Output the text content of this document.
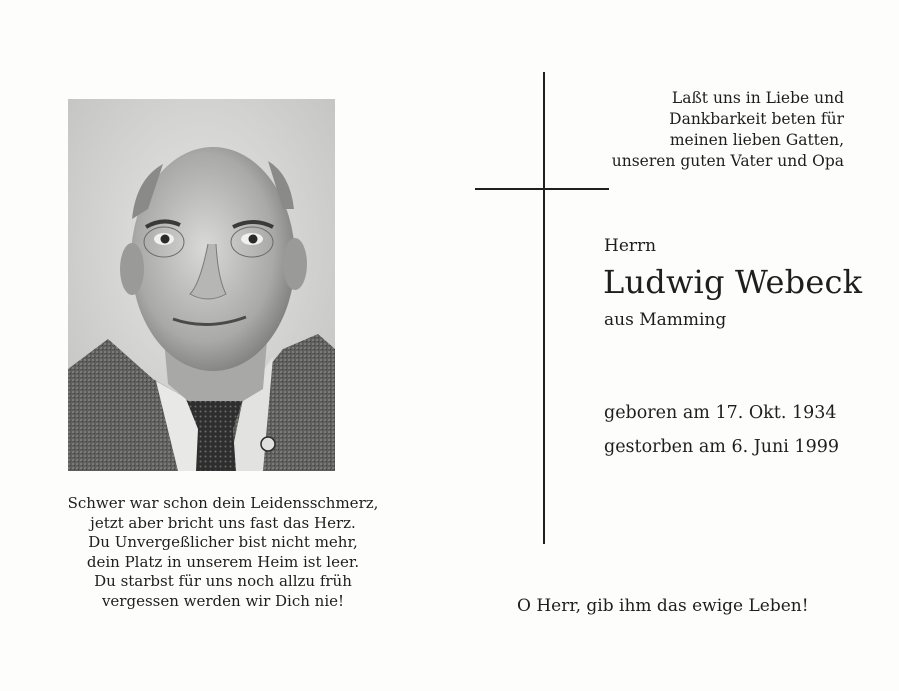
Schwer war schon dein Leidensschmerz,
jetzt aber bricht uns fast das Herz.
Du Unvergeßlicher bist nicht mehr,
dein Platz in unserem Heim ist leer.
Du starbst für uns noch allzu früh
vergessen werden wir Dich nie!
Laßt uns in Liebe und
Dankbarkeit beten für
meinen lieben Gatten,
unseren guten Vater und Opa
Herrn
Ludwig Webeck
aus Mamming
geboren am 17. Okt. 1934
gestorben am 6. Juni 1999
O Herr, gib ihm das ewige Leben!
